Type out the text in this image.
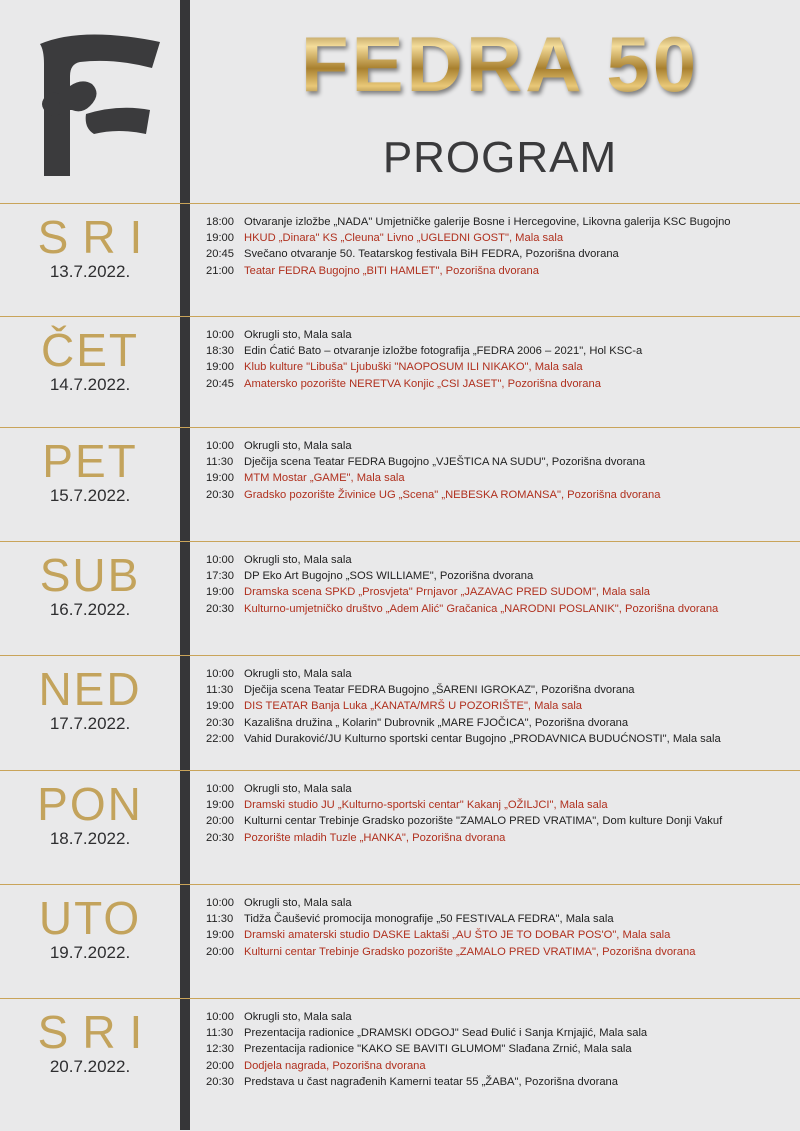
FEDRA 50
PROGRAM
SRI
13.7.2022.
18:00 Otvaranje izložbe „NADA" Umjetničke galerije Bosne i Hercegovine, Likovna galerija KSC Bugojno
19:00 HKUD „Dinara" KS „Cleuna" Livno „UGLEDNI GOST", Mala sala
20:45 Svečano otvaranje 50. Teatarskog festivala BiH FEDRA, Pozorišna dvorana
21:00 Teatar FEDRA Bugojno „BITI HAMLET", Pozorišna dvorana
ČET
14.7.2022.
10:00 Okrugli sto, Mala sala
18:30 Edin Ćatić Bato – otvaranje izložbe fotografija „FEDRA 2006 – 2021", Hol KSC-a
19:00 Klub kulture "Libuša" Ljubuški "NAOPOSUM ILI NIKAKO", Mala sala
20:45 Amatersko pozorište NERETVA Konjic „CSI JASET", Pozorišna dvorana
PET
15.7.2022.
10:00 Okrugli sto, Mala sala
11:30 Dječija scena Teatar FEDRA Bugojno „VJEŠTICA NA SUDU", Pozorišna dvorana
19:00 MTM Mostar „GAME", Mala sala
20:30 Gradsko pozorište Živinice UG „Scena" „NEBESKA ROMANSA", Pozorišna dvorana
SUB
16.7.2022.
10:00 Okrugli sto, Mala sala
17:30 DP Eko Art Bugojno „SOS WILLIAME", Pozorišna dvorana
19:00 Dramska scena SPKD „Prosvjeta" Prnjavor „JAZAVAC PRED SUDOM", Mala sala
20:30 Kulturno-umjetničko društvo „Adem Alić" Gračanica „NARODNI POSLANIK", Pozorišna dvorana
NED
17.7.2022.
10:00 Okrugli sto, Mala sala
11:30 Dječija scena Teatar FEDRA Bugojno „ŠARENI IGROKAZ", Pozorišna dvorana
19:00 DIS TEATAR Banja Luka „KANATA/MRŠ U POZORIŠTE", Mala sala
20:30 Kazališna družina „ Kolarin" Dubrovnik „MARE FJOČICA", Pozorišna dvorana
22:00 Vahid Duraković/JU Kulturno sportski centar Bugojno „PRODAVNICA BUDUĆNOSTI", Mala sala
PON
18.7.2022.
10:00 Okrugli sto, Mala sala
19:00 Dramski studio JU „Kulturno-sportski centar" Kakanj „OŽILJCI", Mala sala
20:00 Kulturni centar Trebinje Gradsko pozorište "ZAMALO PRED VRATIMA", Dom kulture Donji Vakuf
20:30 Pozorište mladih Tuzle „HANKA", Pozorišna dvorana
UTO
19.7.2022.
10:00 Okrugli sto, Mala sala
11:30 Tidža Čaušević promocija monografije „50 FESTIVALA FEDRA", Mala sala
19:00 Dramski amaterski studio DASKE Laktaši „AU ŠTO JE TO DOBAR POS'O", Mala sala
20:00 Kulturni centar Trebinje Gradsko pozorište „ZAMALO PRED VRATIMA", Pozorišna dvorana
SRI
20.7.2022.
10:00 Okrugli sto, Mala sala
11:30 Prezentacija radionice „DRAMSKI ODGOJ" Sead Đulić i Sanja Krnjajić, Mala sala
12:30 Prezentacija radionice "KAKO SE BAVITI GLUMOM" Slađana Zrnić, Mala sala
20:00 Dodjela nagrada, Pozorišna dvorana
20:30 Predstava u čast nagrađenih Kamerni teatar 55 „ŽABA", Pozorišna dvorana
